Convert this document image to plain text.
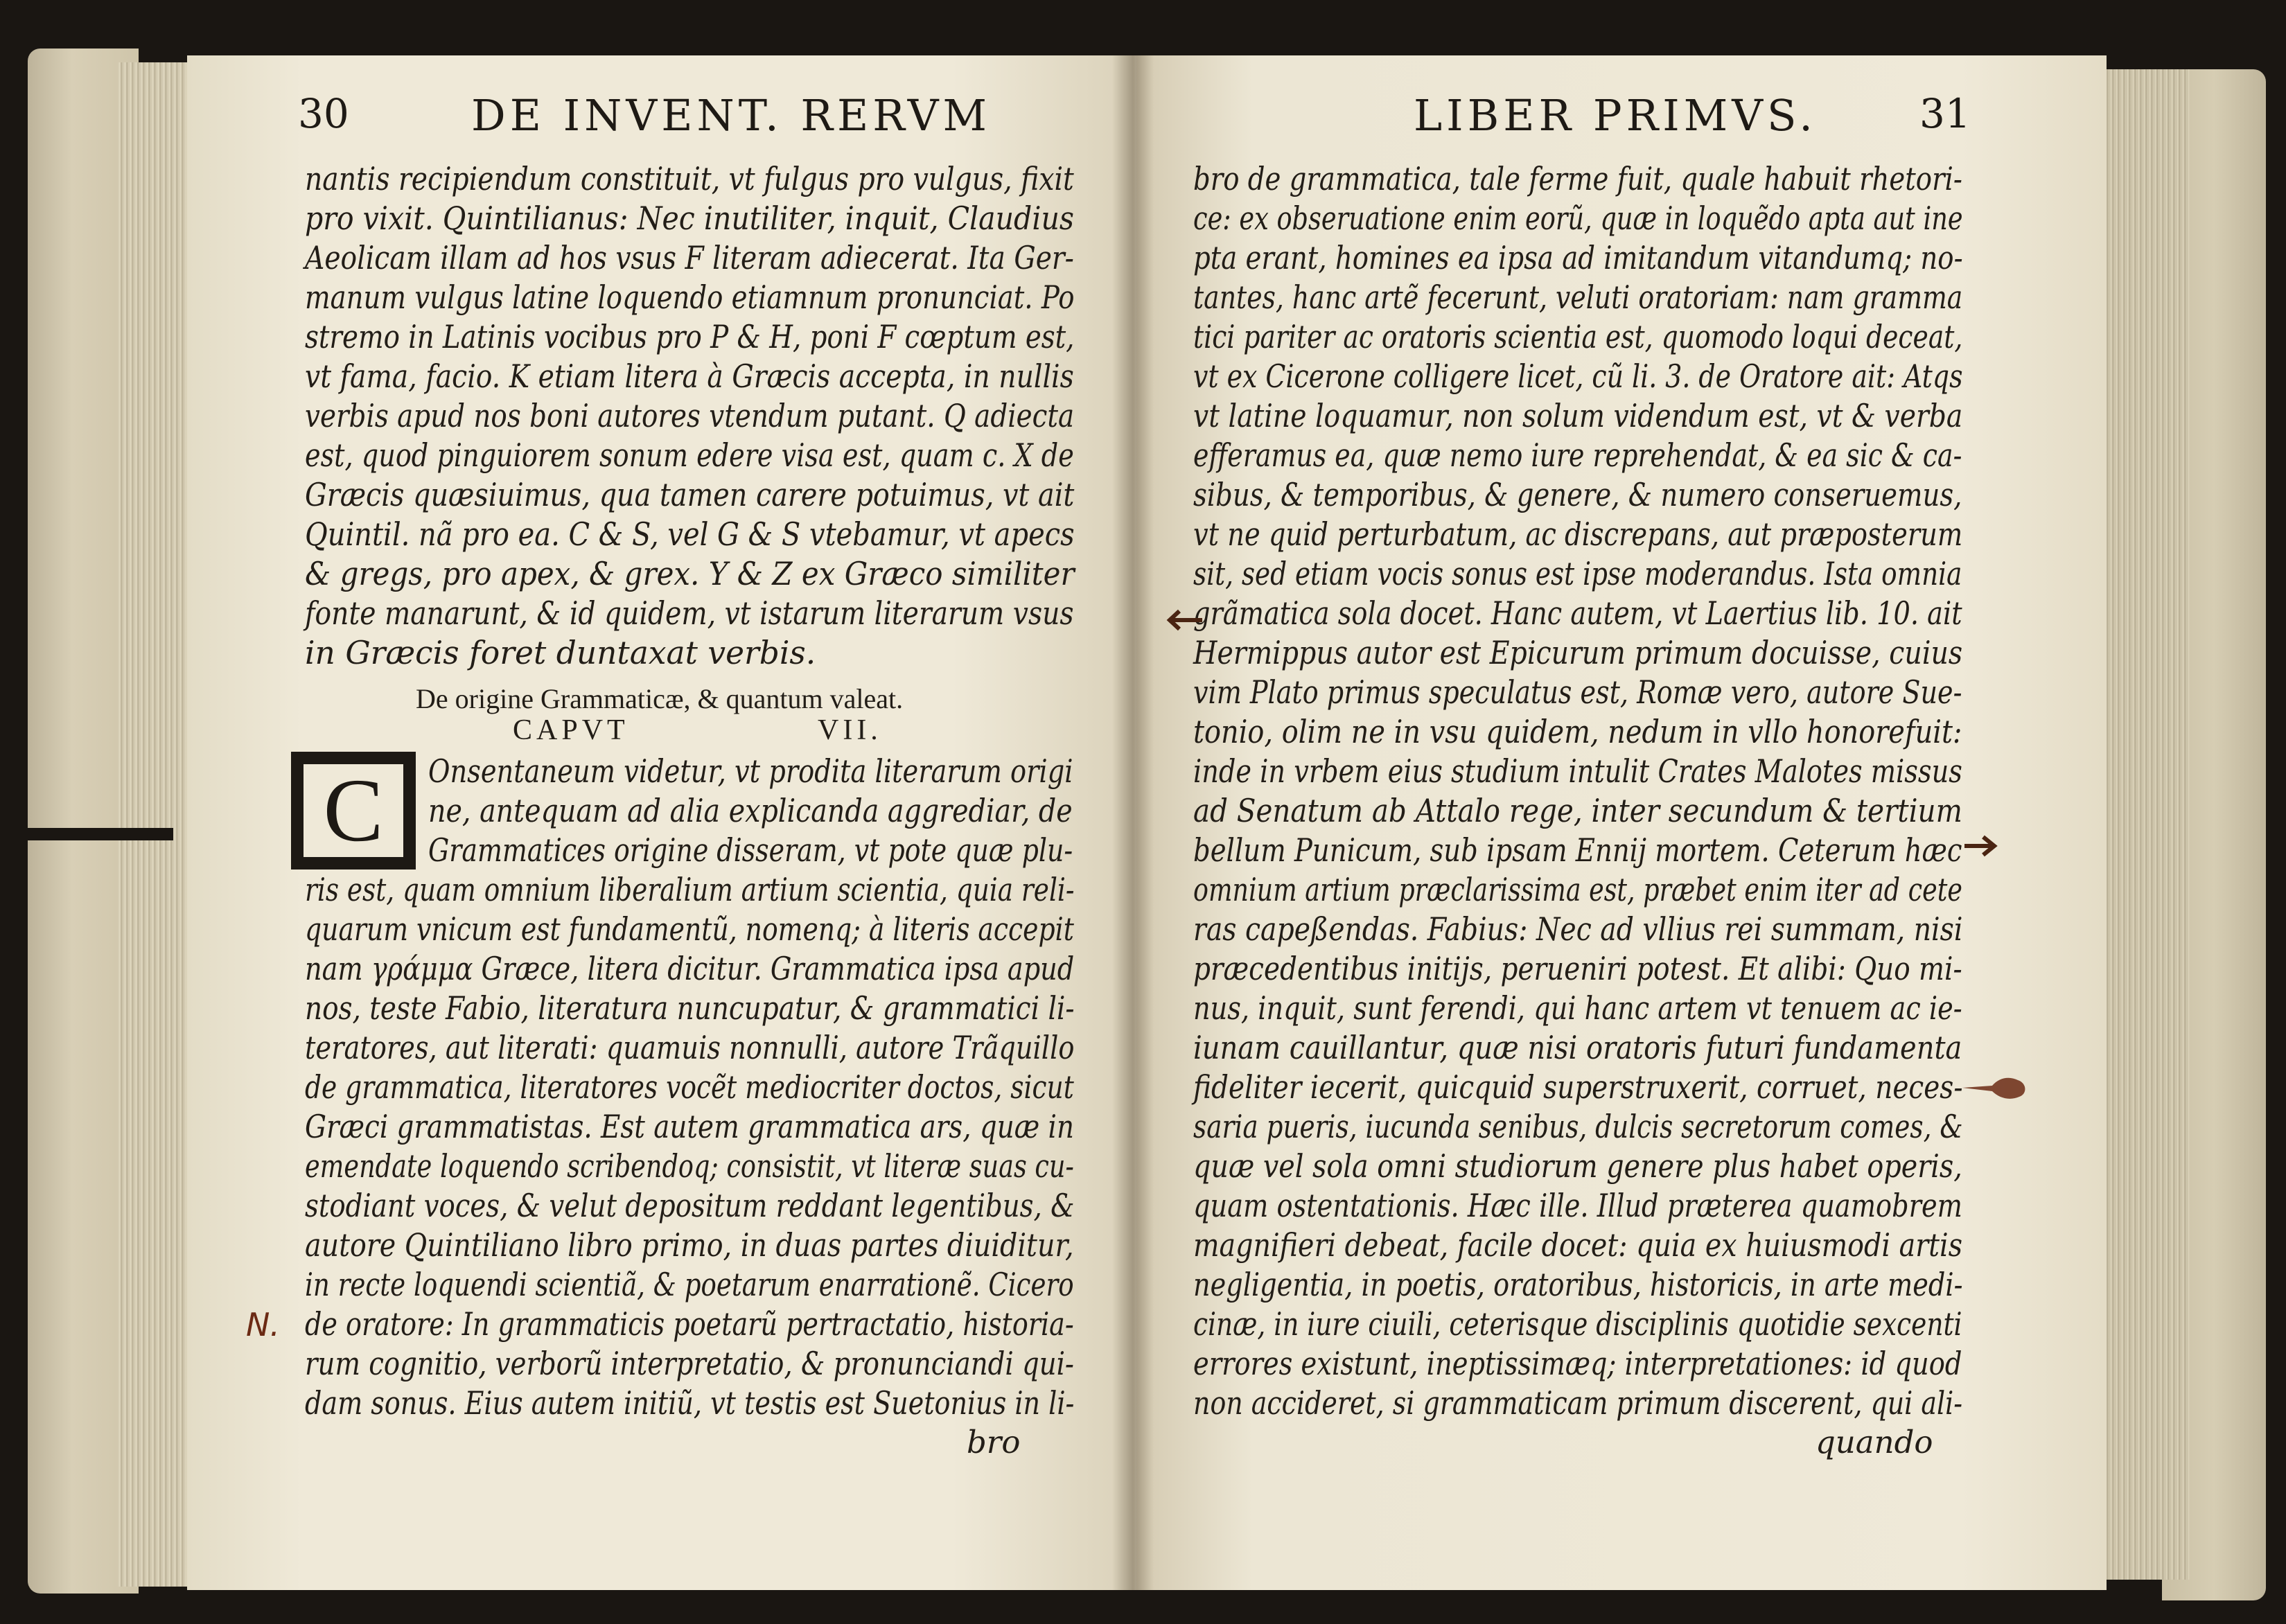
30	DE INVENT. RERVM
nantis recipiendum constituit, vt fulgus pro vulgus, fixit
pro vixit. Quintilianus: Nec inutiliter, inquit, Claudius
Aeolicam illam ad hos vsus F literam adiecerat. Ita Ger-
manum vulgus latine loquendo etiamnum pronunciat. Po
stremo in Latinis vocibus pro P & H, poni F cœptum est,
vt fama, facio. K etiam litera à Græcis accepta, in nullis
verbis apud nos boni autores vtendum putant. Q adiecta
est, quod pinguiorem sonum edere visa est, quam c. X de
Græcis quæsiuimus, qua tamen carere potuimus, vt ait
Quintil. nã pro ea. C & S, vel G & S vtebamur, vt apecs
& gregs, pro apex, & grex. Y & Z ex Græco similiter
fonte manarunt, & id quidem, vt istarum literarum vsus
in Græcis foret duntaxat verbis.
De origine Grammaticæ, & quantum valeat.
CAPVT	VII.
C Onsentaneum videtur, vt prodita literarum origi
ne, antequam ad alia explicanda aggrediar, de
Grammatices origine disseram, vt pote quæ plu-
ris est, quam omnium liberalium artium scientia, quia reli-
quarum vnicum est fundamentũ, nomenq; à literis accepit
nam γράμμα Græce, litera dicitur. Grammatica ipsa apud
nos, teste Fabio, literatura nuncupatur, & grammatici li-
teratores, aut literati: quamuis nonnulli, autore Trãquillo
de grammatica, literatores vocẽt mediocriter doctos, sicut
Græci grammatistas. Est autem grammatica ars, quæ in
emendate loquendo scribendoq; consistit, vt literæ suas cu-
stodiant voces, & velut depositum reddant legentibus, &
autore Quintiliano libro primo, in duas partes diuiditur,
in recte loquendi scientiã, & poetarum enarrationẽ. Cicero
de oratore: In grammaticis poetarũ pertractatio, historia-
rum cognitio, verborũ interpretatio, & pronunciandi qui-
dam sonus. Eius autem initiũ, vt testis est Suetonius in li-
bro
N.
LIBER PRIMVS.	31
bro de grammatica, tale ferme fuit, quale habuit rhetori-
ce: ex obseruatione enim eorũ, quæ in loquẽdo apta aut ine
pta erant, homines ea ipsa ad imitandum vitandumq; no-
tantes, hanc artẽ fecerunt, veluti oratoriam: nam gramma
tici pariter ac oratoris scientia est, quomodo loqui deceat,
vt ex Cicerone colligere licet, cũ li. 3. de Oratore ait: Atqs
vt latine loquamur, non solum videndum est, vt & verba
efferamus ea, quæ nemo iure reprehendat, & ea sic & ca-
sibus, & temporibus, & genere, & numero conseruemus,
vt ne quid perturbatum, ac discrepans, aut præposterum
sit, sed etiam vocis sonus est ipse moderandus. Ista omnia
grãmatica sola docet. Hanc autem, vt Laertius lib. 10. ait
Hermippus autor est Epicurum primum docuisse, cuius
vim Plato primus speculatus est, Romæ vero, autore Sue-
tonio, olim ne in vsu quidem, nedum in vllo honorefuit:
inde in vrbem eius studium intulit Crates Malotes missus
ad Senatum ab Attalo rege, inter secundum & tertium
bellum Punicum, sub ipsam Ennij mortem. Ceterum hæc
omnium artium præclarissima est, præbet enim iter ad cete
ras capeßendas. Fabius: Nec ad vllius rei summam, nisi
præcedentibus initijs, perueniri potest. Et alibi: Quo mi-
nus, inquit, sunt ferendi, qui hanc artem vt tenuem ac ie-
iunam cauillantur, quæ nisi oratoris futuri fundamenta
fideliter iecerit, quicquid superstruxerit, corruet, neces-
saria pueris, iucunda senibus, dulcis secretorum comes, &
quæ vel sola omni studiorum genere plus habet operis,
quam ostentationis. Hæc ille. Illud præterea quamobrem
magnifieri debeat, facile docet: quia ex huiusmodi artis
negligentia, in poetis, oratoribus, historicis, in arte medi-
cinæ, in iure ciuili, ceterisque disciplinis quotidie sexcenti
errores existunt, ineptissimæq; interpretationes: id quod
non accideret, si grammaticam primum discerent, qui ali-
quando
